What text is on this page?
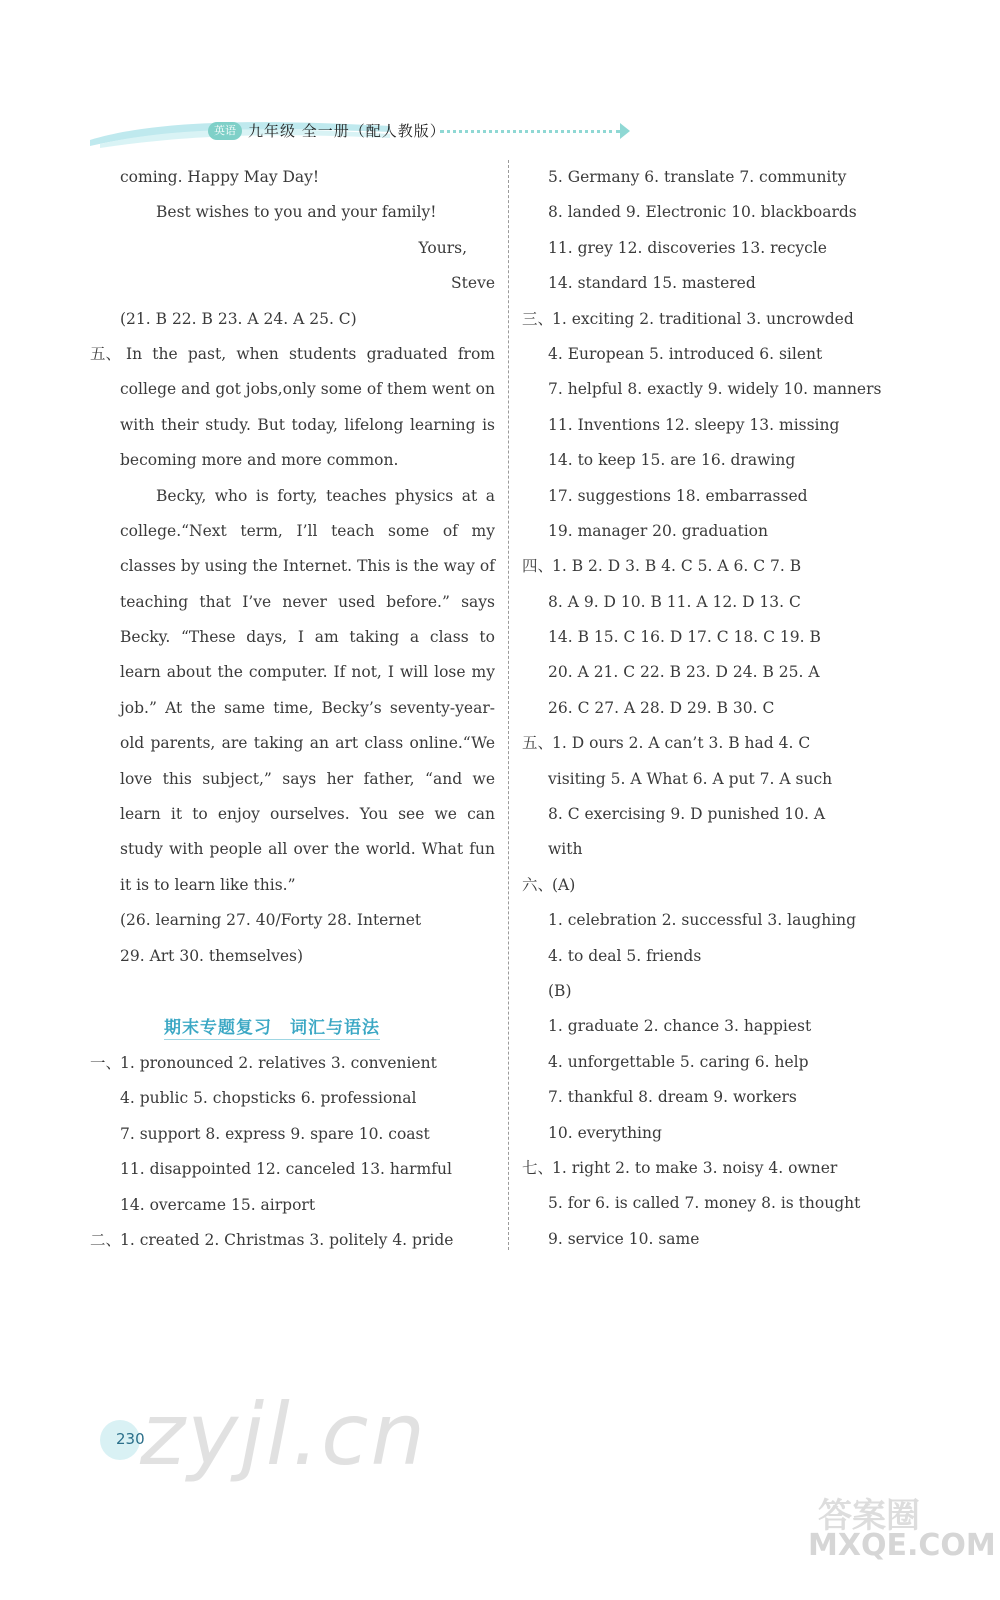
英语 九年级 全一册（配人教版）
coming. Happy May Day!
Best wishes to you and your family!
Yours,
Steve
(21. B 22. B 23. A 24. A 25. C)
五、 In the past, when students graduated from
college and got jobs,only some of them went on
with their study. But today, lifelong learning is
becoming more and more common.
Becky, who is forty, teaches physics at a
college.“Next term, I’ll teach some of my
classes by using the Internet. This is the way of
teaching that I’ve never used before.” says
Becky. “These days, I am taking a class to
learn about the computer. If not, I will lose my
job.” At the same time, Becky’s seventy-year-
old parents, are taking an art class online.“We
love this subject,” says her father, “and we
learn it to enjoy ourselves. You see we can
study with people all over the world. What fun
it is to learn like this.”
(26. learning 27. 40/Forty 28. Internet
29. Art 30. themselves)
期末专题复习　词汇与语法
一、1. pronounced 2. relatives 3. convenient
4. public 5. chopsticks 6. professional
7. support 8. express 9. spare 10. coast
11. disappointed 12. canceled 13. harmful
14. overcame 15. airport
二、1. created 2. Christmas 3. politely 4. pride
5. Germany 6. translate 7. community
8. landed 9. Electronic 10. blackboards
11. grey 12. discoveries 13. recycle
14. standard 15. mastered
三、1. exciting 2. traditional 3. uncrowded
4. European 5. introduced 6. silent
7. helpful 8. exactly 9. widely 10. manners
11. Inventions 12. sleepy 13. missing
14. to keep 15. are 16. drawing
17. suggestions 18. embarrassed
19. manager 20. graduation
四、1. B 2. D 3. B 4. C 5. A 6. C 7. B
8. A 9. D 10. B 11. A 12. D 13. C
14. B 15. C 16. D 17. C 18. C 19. B
20. A 21. C 22. B 23. D 24. B 25. A
26. C 27. A 28. D 29. B 30. C
五、1. D ours 2. A can’t 3. B had 4. C
visiting 5. A What 6. A put 7. A such
8. C exercising 9. D punished 10. A
with
六、(A)
1. celebration 2. successful 3. laughing
4. to deal 5. friends
(B)
1. graduate 2. chance 3. happiest
4. unforgettable 5. caring 6. help
7. thankful 8. dream 9. workers
10. everything
七、1. right 2. to make 3. noisy 4. owner
5. for 6. is called 7. money 8. is thought
9. service 10. same
230
zyjl.cn
答案圈
MXQE.COM
